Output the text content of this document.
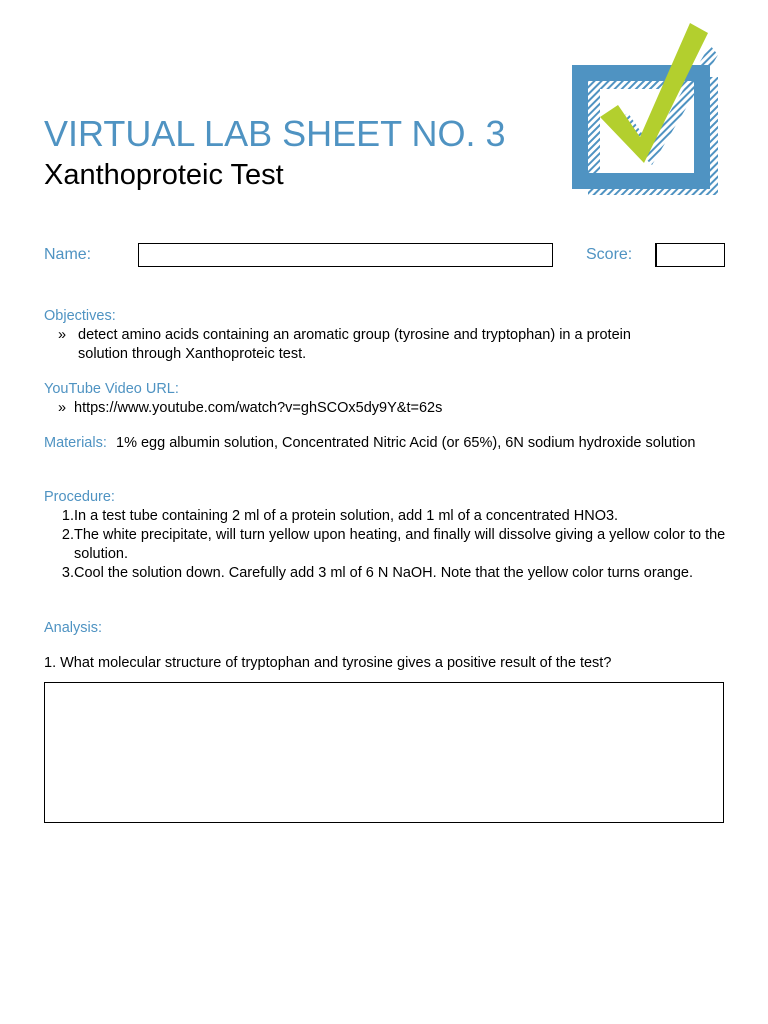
VIRTUAL LAB SHEET NO. 3
Xanthoproteic Test
Name:	Score:
Objectives:
» detect amino acids containing an aromatic group (tyrosine and tryptophan) in a protein solution through Xanthoproteic test.
YouTube Video URL:
» https://www.youtube.com/watch?v=ghSCOx5dy9Y&t=62s
Materials: 1% egg albumin solution, Concentrated Nitric Acid (or 65%), 6N sodium hydroxide solution
Procedure:
1. In a test tube containing 2 ml of a protein solution, add 1 ml of a concentrated HNO3.
2. The white precipitate, will turn yellow upon heating, and finally will dissolve giving a yellow color to the solution.
3. Cool the solution down. Carefully add 3 ml of 6 N NaOH. Note that the yellow color turns orange.
Analysis:
1. What molecular structure of tryptophan and tyrosine gives a positive result of the test?
